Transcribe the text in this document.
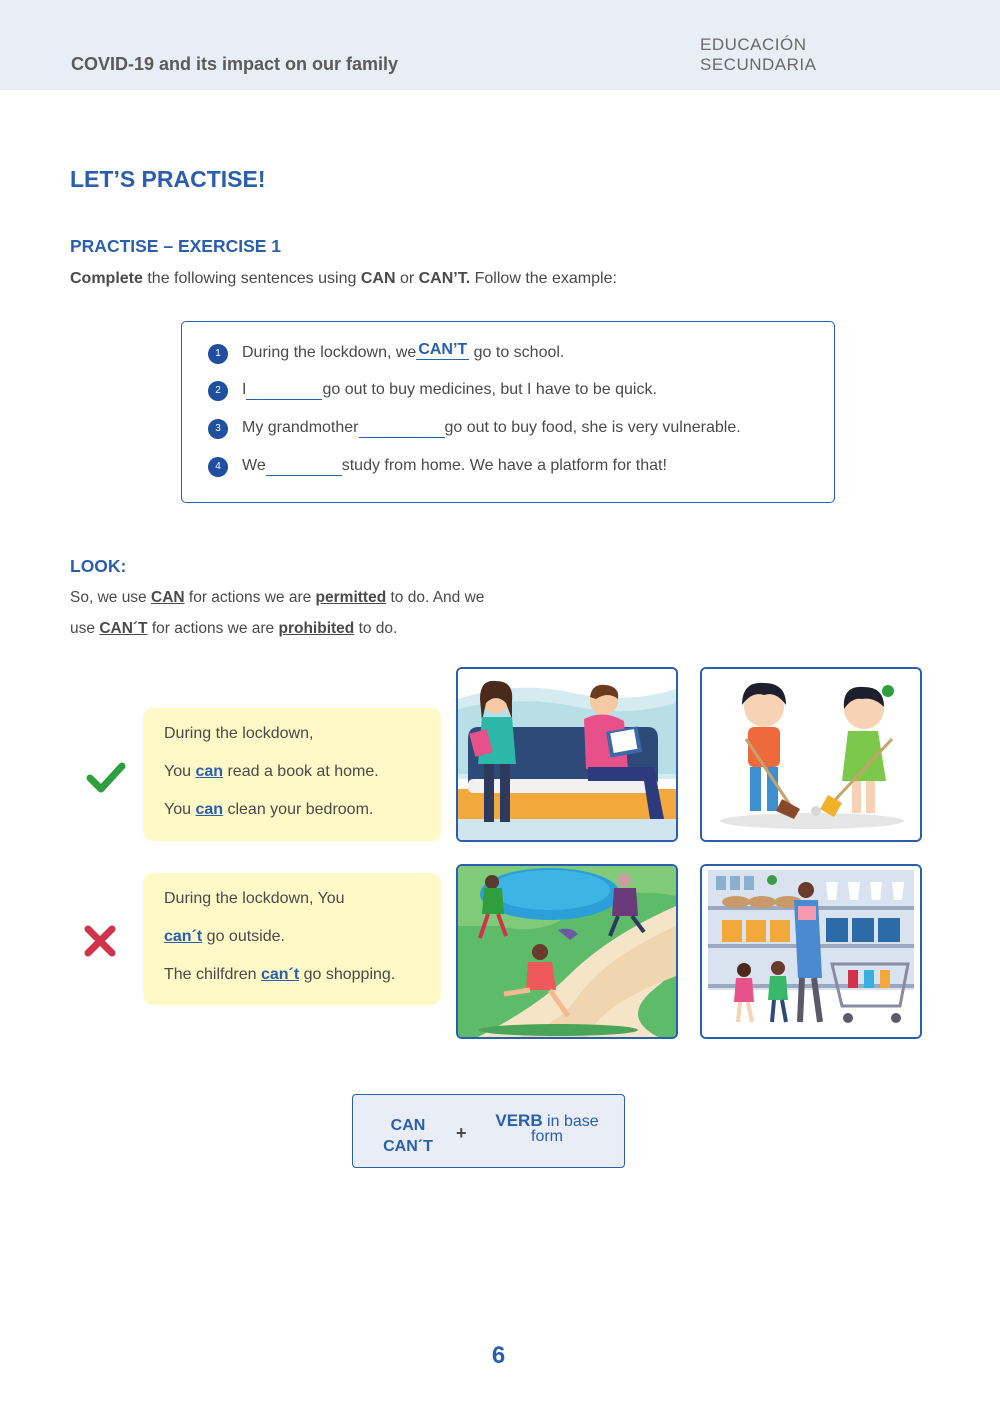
COVID-19 and its impact on our family
EDUCACIÓN
SECUNDARIA
LET’S PRACTISE!
PRACTISE – EXERCISE 1
Complete the following sentences using CAN or CAN’T. Follow the example:
1	During the lockdown, we CAN’T go to school.
2	I	go out to buy medicines, but I have to be quick.
3	My grandmother	go out to buy food, she is very vulnerable.
4	We	study from home. We have a platform for that!
LOOK:
So, we use CAN for actions we are permitted to do. And we
use CAN´T for actions we are prohibited to do.
During the lockdown,
You can read a book at home.
You can clean your bedroom.
During the lockdown, You
can´t go outside.
The chilfdren can´t go shopping.
CAN
CAN´T
+
VERB in base
form
6
